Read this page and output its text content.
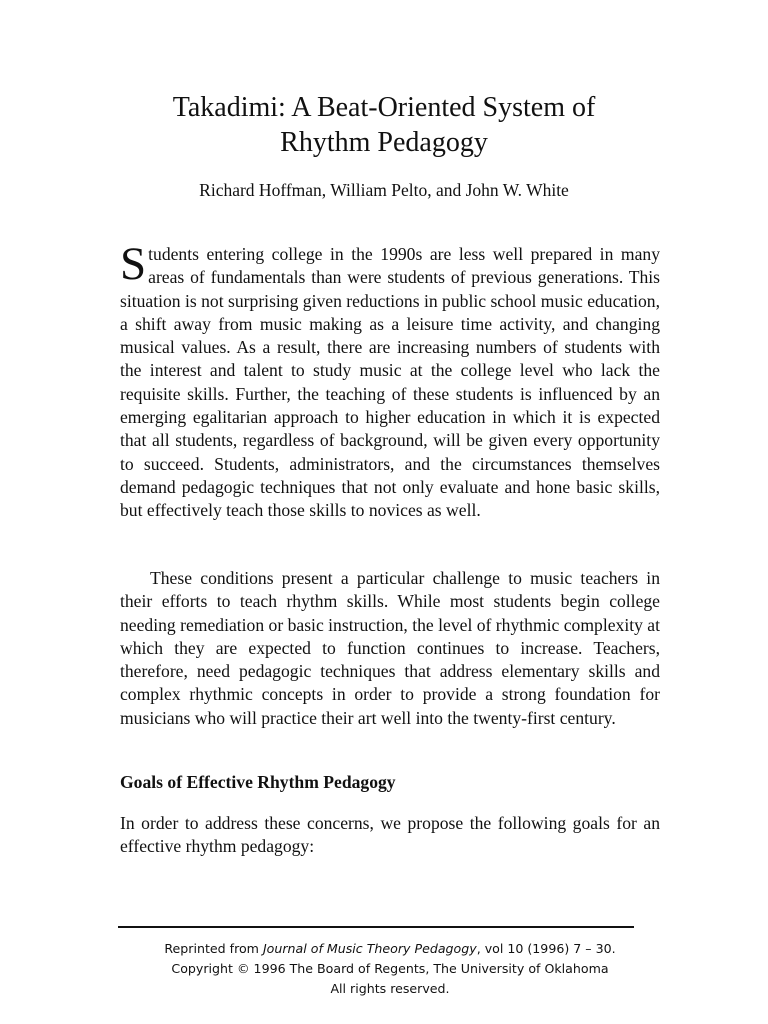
Takadimi: A Beat-Oriented System of
Rhythm Pedagogy
Richard Hoffman, William Pelto, and John W. White

Students entering college in the 1990s are less well prepared in many areas of fundamentals than were students of previous generations. This situation is not surprising given reductions in public school music education, a shift away from music making as a leisure time activity, and changing musical values. As a result, there are increasing numbers of students with the interest and talent to study music at the college level who lack the requisite skills. Further, the teaching of these students is influenced by an emerging egalitarian approach to higher education in which it is expected that all students, regardless of background, will be given every opportunity to succeed. Students, administrators, and the circumstances themselves demand pedagogic techniques that not only evaluate and hone basic skills, but effectively teach those skills to novices as well.

These conditions present a particular challenge to music teachers in their efforts to teach rhythm skills. While most students begin college needing remediation or basic instruction, the level of rhythmic complexity at which they are expected to function continues to increase. Teachers, therefore, need pedagogic techniques that address elementary skills and complex rhythmic concepts in order to provide a strong foundation for musicians who will practice their art well into the twenty-first century.

Goals of Effective Rhythm Pedagogy

In order to address these concerns, we propose the following goals for an effective rhythm pedagogy:

Reprinted from Journal of Music Theory Pedagogy, vol 10 (1996) 7 – 30.
Copyright © 1996 The Board of Regents, The University of Oklahoma
All rights reserved.
